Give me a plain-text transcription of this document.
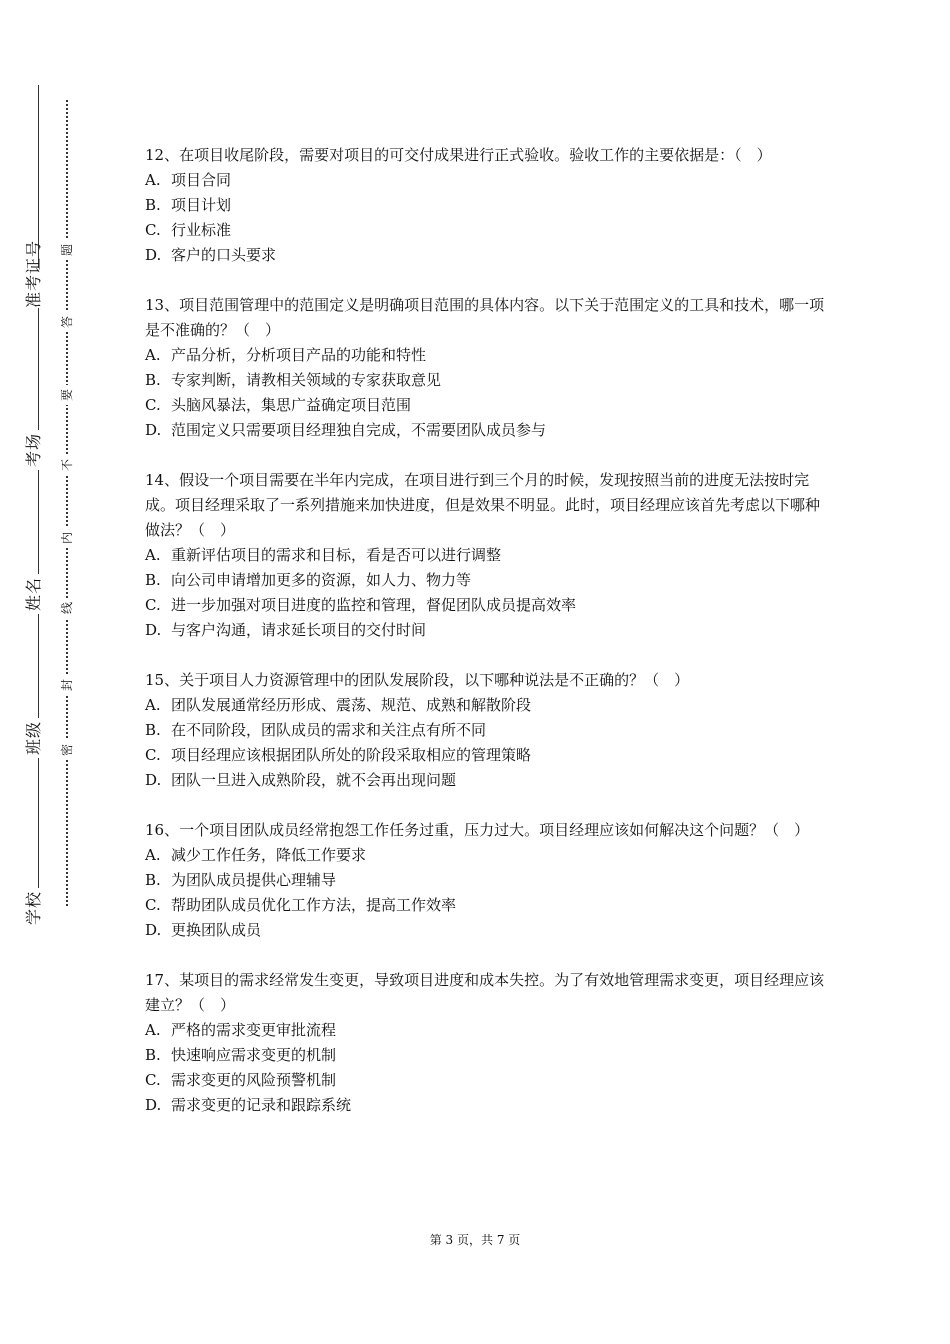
学校
班级
姓名
考场
准考证号
密
封
线
内
不
要
答
题
12、在项目收尾阶段，需要对项目的可交付成果进行正式验收。验收工作的主要依据是：（　）
A. 项目合同
B. 项目计划
C. 行业标准
D. 客户的口头要求
13、项目范围管理中的范围定义是明确项目范围的具体内容。以下关于范围定义的工具和技术，哪一项是不准确的？（　）
A. 产品分析，分析项目产品的功能和特性
B. 专家判断，请教相关领域的专家获取意见
C. 头脑风暴法，集思广益确定项目范围
D. 范围定义只需要项目经理独自完成，不需要团队成员参与
14、假设一个项目需要在半年内完成，在项目进行到三个月的时候，发现按照当前的进度无法按时完成。项目经理采取了一系列措施来加快进度，但是效果不明显。此时，项目经理应该首先考虑以下哪种做法？（　）
A. 重新评估项目的需求和目标，看是否可以进行调整
B. 向公司申请增加更多的资源，如人力、物力等
C. 进一步加强对项目进度的监控和管理，督促团队成员提高效率
D. 与客户沟通，请求延长项目的交付时间
15、关于项目人力资源管理中的团队发展阶段，以下哪种说法是不正确的？（　）
A. 团队发展通常经历形成、震荡、规范、成熟和解散阶段
B. 在不同阶段，团队成员的需求和关注点有所不同
C. 项目经理应该根据团队所处的阶段采取相应的管理策略
D. 团队一旦进入成熟阶段，就不会再出现问题
16、一个项目团队成员经常抱怨工作任务过重，压力过大。项目经理应该如何解决这个问题？（　）
A. 减少工作任务，降低工作要求
B. 为团队成员提供心理辅导
C. 帮助团队成员优化工作方法，提高工作效率
D. 更换团队成员
17、某项目的需求经常发生变更，导致项目进度和成本失控。为了有效地管理需求变更，项目经理应该建立？（　）
A. 严格的需求变更审批流程
B. 快速响应需求变更的机制
C. 需求变更的风险预警机制
D. 需求变更的记录和跟踪系统
第 3 页，共 7 页
